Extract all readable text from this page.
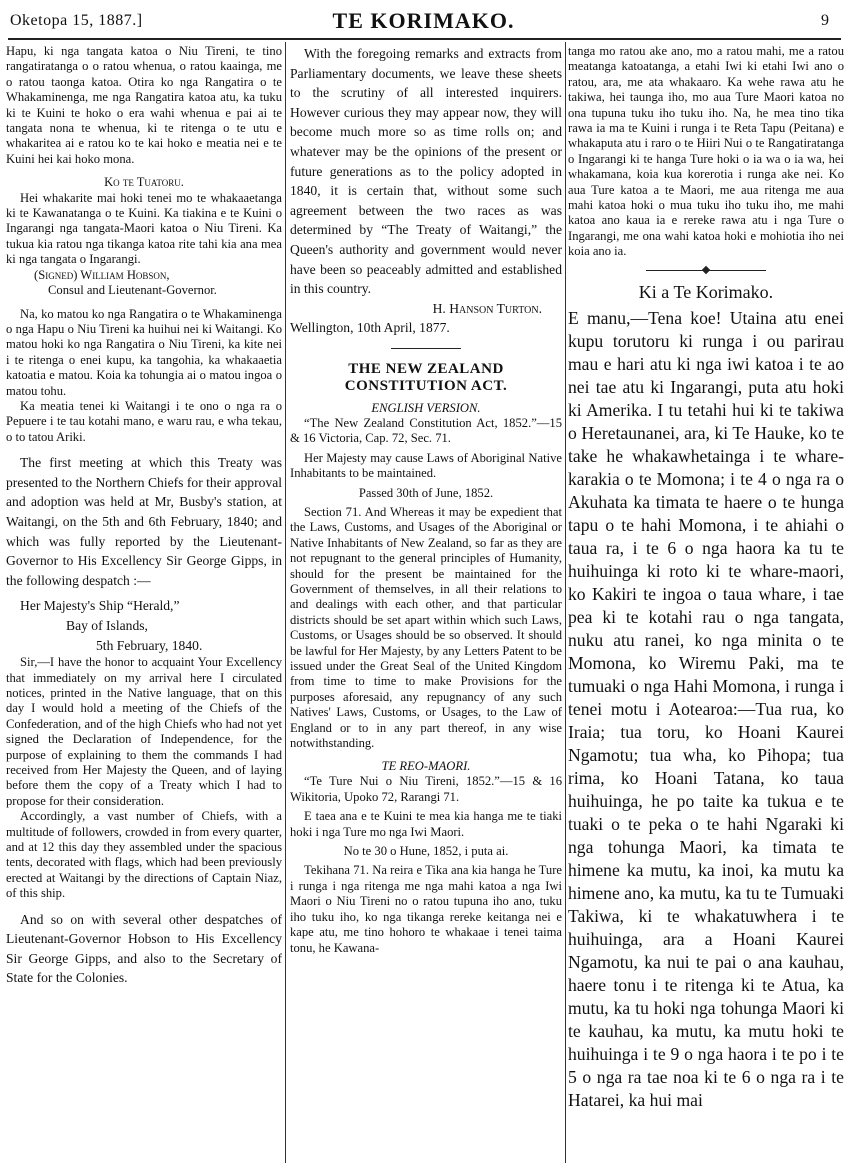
Oketopa 15, 1887.]	TE KORIMAKO.	9

Hapu, ki nga tangata katoa o Niu Tireni, te tino rangatiratanga o o ratou whenua, o ratou kaainga, me o ratou taonga katoa. Otira ko nga Rangatira o te Whakaminenga, me nga Rangatira katoa atu, ka tuku ki te Kuini te hoko o era wahi whenua e pai ai te tangata nona te whenua, ki te ritenga o te utu e whakaritea ai e ratou ko te kai hoko e meatia nei e te Kuini hei kai hoko mona.

Ko te Tuatoru.

Hei whakarite mai hoki tenei mo te whakaaetanga ki te Kawanatanga o te Kuini. Ka tiakina e te Kuini o Ingarangi nga tangata-Maori katoa o Niu Tireni. Ka tukua kia ratou nga tikanga katoa rite tahi kia ana mea ki nga tangata o Ingarangi.

(Signed) William Hobson,

Consul and Lieutenant-Governor.

Na, ko matou ko nga Rangatira o te Whakaminenga o nga Hapu o Niu Tireni ka huihui nei ki Waitangi. Ko matou hoki ko nga Rangatira o Niu Tireni, ka kite nei i te ritenga o enei kupu, ka tangohia, ka whakaaetia katoatia e matou. Koia ka tohungia ai o matou ingoa o matou tohu.

Ka meatia tenei ki Waitangi i te ono o nga ra o Pepuere i te tau kotahi mano, e waru rau, e wha tekau, o to tatou Ariki.

The first meeting at which this Treaty was presented to the Northern Chiefs for their approval and adoption was held at Mr, Busby's station, at Waitangi, on the 5th and 6th February, 1840; and which was fully reported by the Lieutenant-Governor to His Excellency Sir George Gipps, in the following despatch :—

Her Majesty's Ship “Herald,”

Bay of Islands,

5th February, 1840.

Sir,—I have the honor to acquaint Your Excellency that immediately on my arrival here I circulated notices, printed in the Native language, that on this day I would hold a meeting of the Chiefs of the Confederation, and of the high Chiefs who had not yet signed the Declaration of Independence, for the purpose of explaining to them the commands I had received from Her Majesty the Queen, and of laying before them the copy of a Treaty which I had to propose for their consideration.

Accordingly, a vast number of Chiefs, with a multitude of followers, crowded in from every quarter, and at 12 this day they assembled under the spacious tents, decorated with flags, which had been previously erected at Waitangi by the directions of Captain Niaz, of this ship.

And so on with several other despatches of Lieutenant-Governor Hobson to His Excellency Sir George Gipps, and also to the Secretary of State for the Colonies.

With the foregoing remarks and extracts from Parliamentary documents, we leave these sheets to the scrutiny of all interested inquirers. However curious they may appear now, they will become much more so as time rolls on; and whatever may be the opinions of the present or future generations as to the policy adopted in 1840, it is certain that, without some such agreement between the two races as was determined by “The Treaty of Waitangi,” the Queen's authority and government would never have been so peaceably admitted and established in this country.

H. Hanson Turton.

Wellington, 10th April, 1877.

THE NEW ZEALAND CONSTITUTION ACT.

ENGLISH VERSION.

“The New Zealand Constitution Act, 1852.”—15 & 16 Victoria, Cap. 72, Sec. 71.

Her Majesty may cause Laws of Aboriginal Native Inhabitants to be maintained.

Passed 30th of June, 1852.

Section 71. And Whereas it may be expedient that the Laws, Customs, and Usages of the Aboriginal or Native Inhabitants of New Zealand, so far as they are not repugnant to the general principles of Humanity, should for the present be maintained for the Government of themselves, in all their relations to and dealings with each other, and that particular districts should be set apart within which such Laws, Customs, or Usages should be so observed. It should be lawful for Her Majesty, by any Letters Patent to be issued under the Great Seal of the United Kingdom from time to time to make Provisions for the purposes aforesaid, any repugnancy of any such Natives' Laws, Customs, or Usages, to the Law of England or to in any part thereof, in any wise notwithstanding.

TE REO-MAORI.

“Te Ture Nui o Niu Tireni, 1852.”—15 & 16 Wikitoria, Upoko 72, Rarangi 71.

E taea ana e te Kuini te mea kia hanga me te tiaki hoki i nga Ture mo nga Iwi Maori.

No te 30 o Hune, 1852, i puta ai.

Tekihana 71. Na reira e Tika ana kia hanga he Ture i runga i nga ritenga me nga mahi katoa a nga Iwi Maori o Niu Tireni no o ratou tupuna iho ano, tuku iho tuku iho, ko nga tikanga rereke keitanga nei e kape atu, me tino hohoro te whakaae i tenei taima tonu, he Kawana-

tanga mo ratou ake ano, mo a ratou mahi, me a ratou meatanga katoatanga, a etahi Iwi ki etahi Iwi ano o ratou, ara, me ata whakaaro. Ka wehe rawa atu he takiwa, hei taunga iho, mo aua Ture Maori katoa no ona tupuna tuku iho tuku iho. Na, he mea tino tika rawa ia ma te Kuini i runga i te Reta Tapu (Peitana) e whakaputa atu i raro o te Hiiri Nui o te Rangatiratanga o Ingarangi ki te hanga Ture hoki o ia wa o ia wa, hei whakamana, koia kua korerotia i runga ake nei. Ko aua Ture katoa a te Maori, me aua ritenga me aua mahi katoa hoki o mua tuku iho tuku iho, me mahi katoa ano kaua ia e rereke rawa atu i nga Ture o Ingarangi, me ona wahi katoa hoki e mohiotia iho nei koia ano ia.

Ki a Te Korimako.

E manu,—Tena koe! Utaina atu enei kupu torutoru ki runga i ou parirau mau e hari atu ki nga iwi katoa i te ao nei tae atu ki Ingarangi, puta atu hoki ki Amerika. I tu tetahi hui ki te takiwa o Heretaunanei, ara, ki Te Hauke, ko te take he whakawhetainga i te whare-karakia o te Momona; i te 4 o nga ra o Akuhata ka timata te haere o te hunga tapu o te hahi Momona, i te ahiahi o taua ra, i te 6 o nga haora ka tu te huihuinga ki roto ki te whare-maori, ko Kakiri te ingoa o taua whare, i tae pea ki te kotahi rau o nga tangata, nuku atu ranei, ko nga minita o te Momona, ko Wiremu Paki, ma te tumuaki o nga Hahi Momona, i runga i tenei motu i Aotearoa:—Tua rua, ko Iraia; tua toru, ko Hoani Kaurei Ngamotu; tua wha, ko Pihopa; tua rima, ko Hoani Tatana, ko taua huihuinga, he po taite ka tukua e te tuaki o te peka o te hahi Ngaraki ki nga tohunga Maori, ka timata te himene ka mutu, ka inoi, ka mutu ka himene ano, ka mutu, ka tu te Tumuaki Takiwa, ki te whakatuwhera i te huihuinga, ara a Hoani Kaurei Ngamotu, ka nui te pai o ana kauhau, haere tonu i te ritenga ki te Atua, ka mutu, ka tu hoki nga tohunga Maori ki te kauhau, ka mutu, ka mutu hoki te huihuinga i te 9 o nga haora i te po i te 5 o nga ra tae noa ki te 6 o nga ra i te Hatarei, ka hui mai
